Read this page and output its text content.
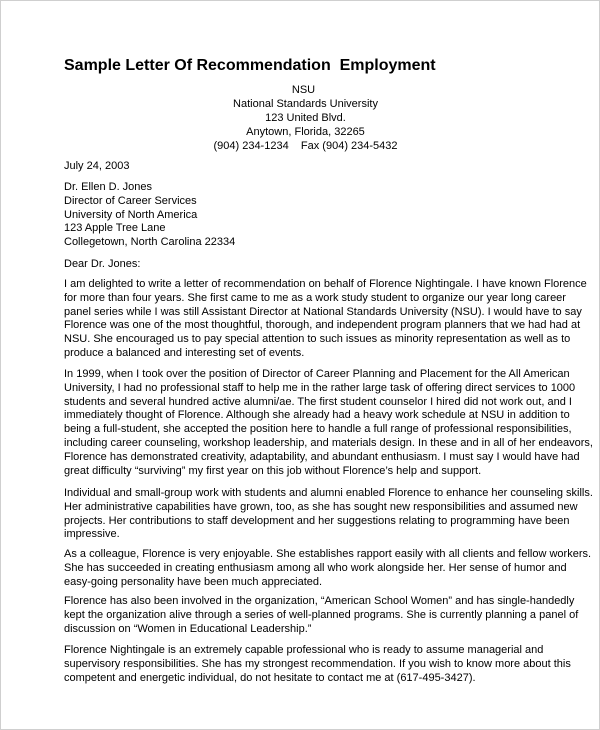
Sample Letter Of Recommendation  Employment
NSU
National Standards University
123 United Blvd.
Anytown, Florida, 32265
(904) 234-1234    Fax (904) 234-5432
July 24, 2003
Dr. Ellen D. Jones
Director of Career Services
University of North America
123 Apple Tree Lane
Collegetown, North Carolina 22334
Dear Dr. Jones:
I am delighted to write a letter of recommendation on behalf of Florence Nightingale. I have known Florence
for more than four years. She first came to me as a work study student to organize our year long career
panel series while I was still Assistant Director at National Standards University (NSU). I would have to say
Florence was one of the most thoughtful, thorough, and independent program planners that we had had at
NSU. She encouraged us to pay special attention to such issues as minority representation as well as to
produce a balanced and interesting set of events.
In 1999, when I took over the position of Director of Career Planning and Placement for the All American
University, I had no professional staff to help me in the rather large task of offering direct services to 1000
students and several hundred active alumni/ae. The first student counselor I hired did not work out, and I
immediately thought of Florence. Although she already had a heavy work schedule at NSU in addition to
being a full-student, she accepted the position here to handle a full range of professional responsibilities,
including career counseling, workshop leadership, and materials design. In these and in all of her endeavors,
Florence has demonstrated creativity, adaptability, and abundant enthusiasm. I must say I would have had
great difficulty “surviving” my first year on this job without Florence’s help and support.
Individual and small-group work with students and alumni enabled Florence to enhance her counseling skills.
Her administrative capabilities have grown, too, as she has sought new responsibilities and assumed new
projects. Her contributions to staff development and her suggestions relating to programming have been
impressive.
As a colleague, Florence is very enjoyable. She establishes rapport easily with all clients and fellow workers.
She has succeeded in creating enthusiasm among all who work alongside her. Her sense of humor and
easy-going personality have been much appreciated.
Florence has also been involved in the organization, “American School Women” and has single-handedly
kept the organization alive through a series of well-planned programs. She is currently planning a panel of
discussion on “Women in Educational Leadership.”
Florence Nightingale is an extremely capable professional who is ready to assume managerial and
supervisory responsibilities. She has my strongest recommendation. If you wish to know more about this
competent and energetic individual, do not hesitate to contact me at (617-495-3427).
